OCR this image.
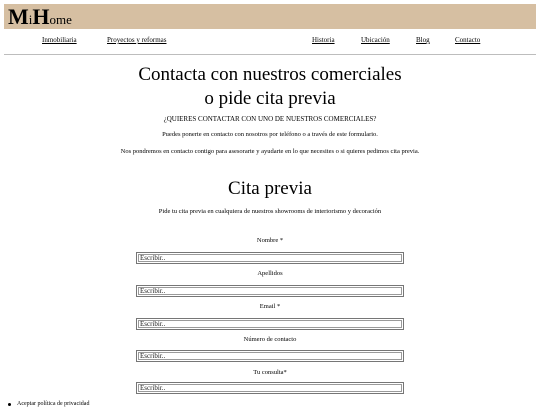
MiHome
Inmobiliaria	Proyectos y reformas	Historia	Ubicación	Blog	Contacto
Contacta con nuestros comerciales
o pide cita previa
¿QUIERES CONTACTAR CON UNO DE NUESTROS COMERCIALES?
Puedes ponerte en contacto con nosotros por teléfono o a través de este formulario.
Nos pondremos en contacto contigo para asesorarte y ayudarte en lo que necesites o si quieres pedimos cita previa.
Cita previa
Pide tu cita previa en cualquiera de nuestros showrooms de interiorismo y decoración
Nombre *
Escribir..
Apellidos
Escribir..
Email *
Escribir..
Número de contacto
Escribir..
Tu consulta*
Escribir..
Aceptar política de privacidad
